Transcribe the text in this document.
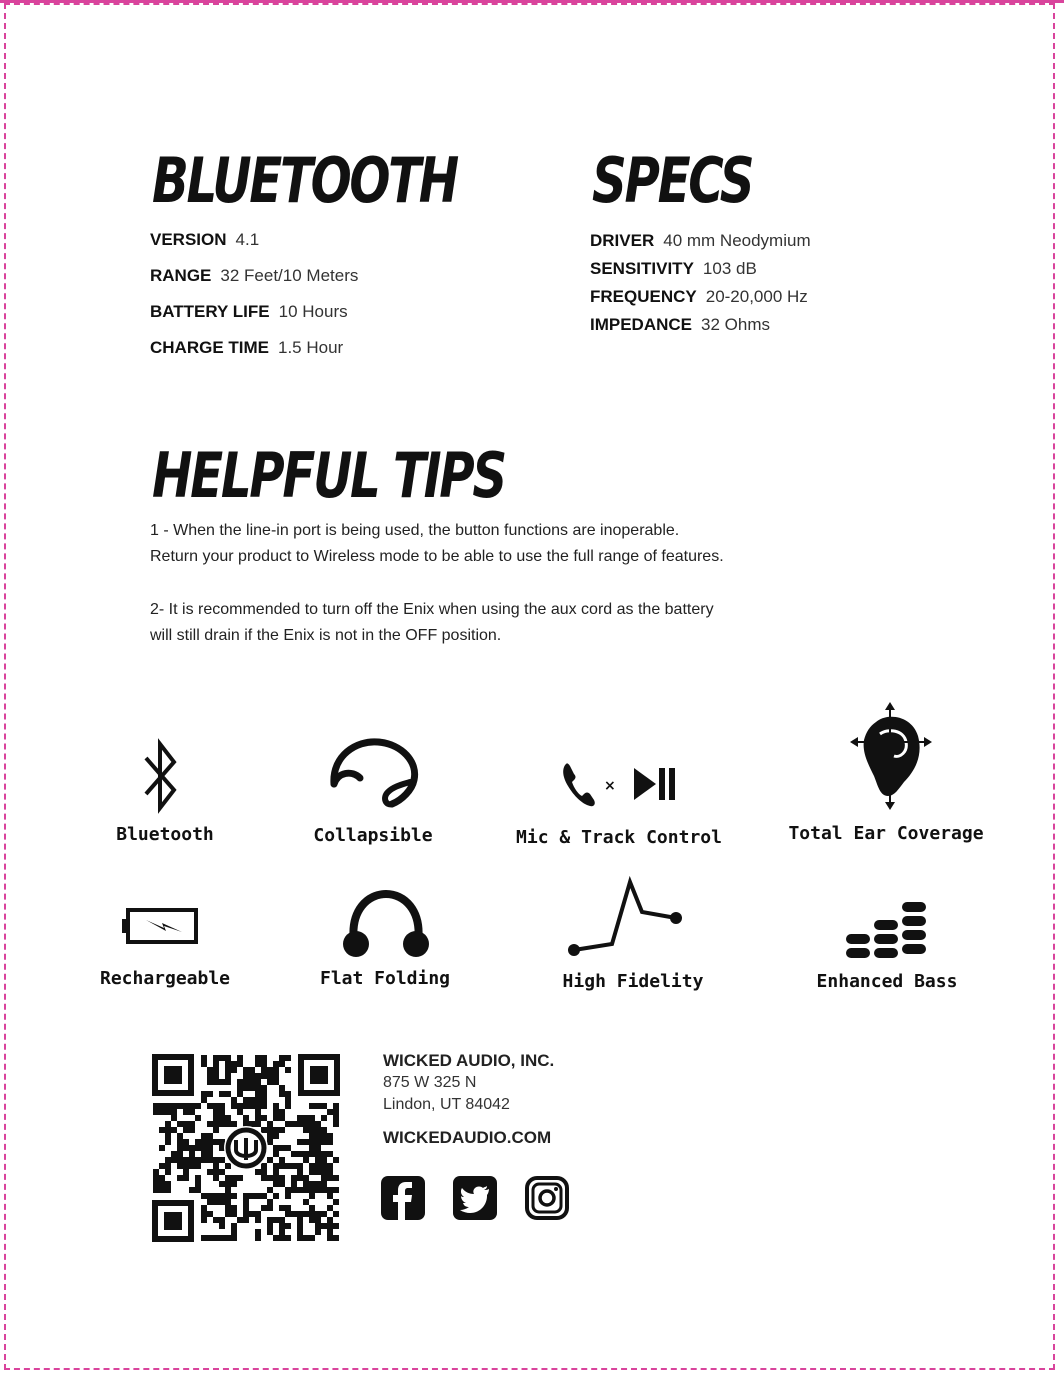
BLUETOOTH
VERSION 4.1
RANGE 32 Feet/10 Meters
BATTERY LIFE 10 Hours
CHARGE TIME 1.5 Hour
SPECS
DRIVER 40 mm Neodymium
SENSITIVITY 103 dB
FREQUENCY 20-20,000 Hz
IMPEDANCE 32 Ohms
HELPFUL TIPS
1 - When the line-in port is being used, the button functions are inoperable.
Return your product to Wireless mode to be able to use the full range of features.
2- It is recommended to turn off the Enix when using the aux cord as the battery
will still drain if the Enix is not in the OFF position.
Bluetooth	Collapsible
×
Mic & Track Control	Total Ear Coverage
Rechargeable	Flat Folding	High Fidelity	Enhanced Bass

WICKED AUDIO, INC.

875 W 325 N

Lindon, UT 84042

WICKEDAUDIO.COM
